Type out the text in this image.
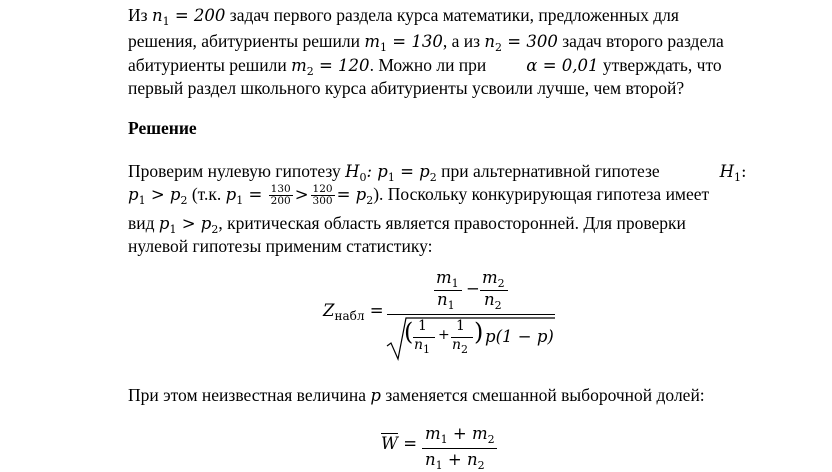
Из $n_1 = 200$ задач первого раздела курса математики, предложенных для
решения, абитуриенты решили $m_1 = 130$, а из $n_2 = 300$ задач второго раздела
абитуриенты решили $m_2 = 120$. Можно ли при α = 0,01 утверждать, что
первый раздел школьного курса абитуриенты усвоили лучше, чем второй?
Решение
Проверим нулевую гипотезу $H_0$: $p_1 = p_2$ при альтернативной гипотезе	$H_1$:
$p_1 > p_2$ (т.к. $p_1 = \frac{130}{200} > \frac{120}{300} = p_2$). Поскольку конкурирующая гипотеза имеет
вид $p_1 > p_2$, критическая область является правосторонней. Для проверки
нулевой гипотезы применим статистику:
$Z_{набл}$ =
$m_1$
$n_1$
−
$m_2$
$n_2$
( 1
$n_1$
+
1
$n_2$
) p(1 − p)
При этом неизвестная величина p заменяется смешанной выборочной долей:
$\overline{W}$ =
$m_1 + m_2$
$n_1 + n_2$
